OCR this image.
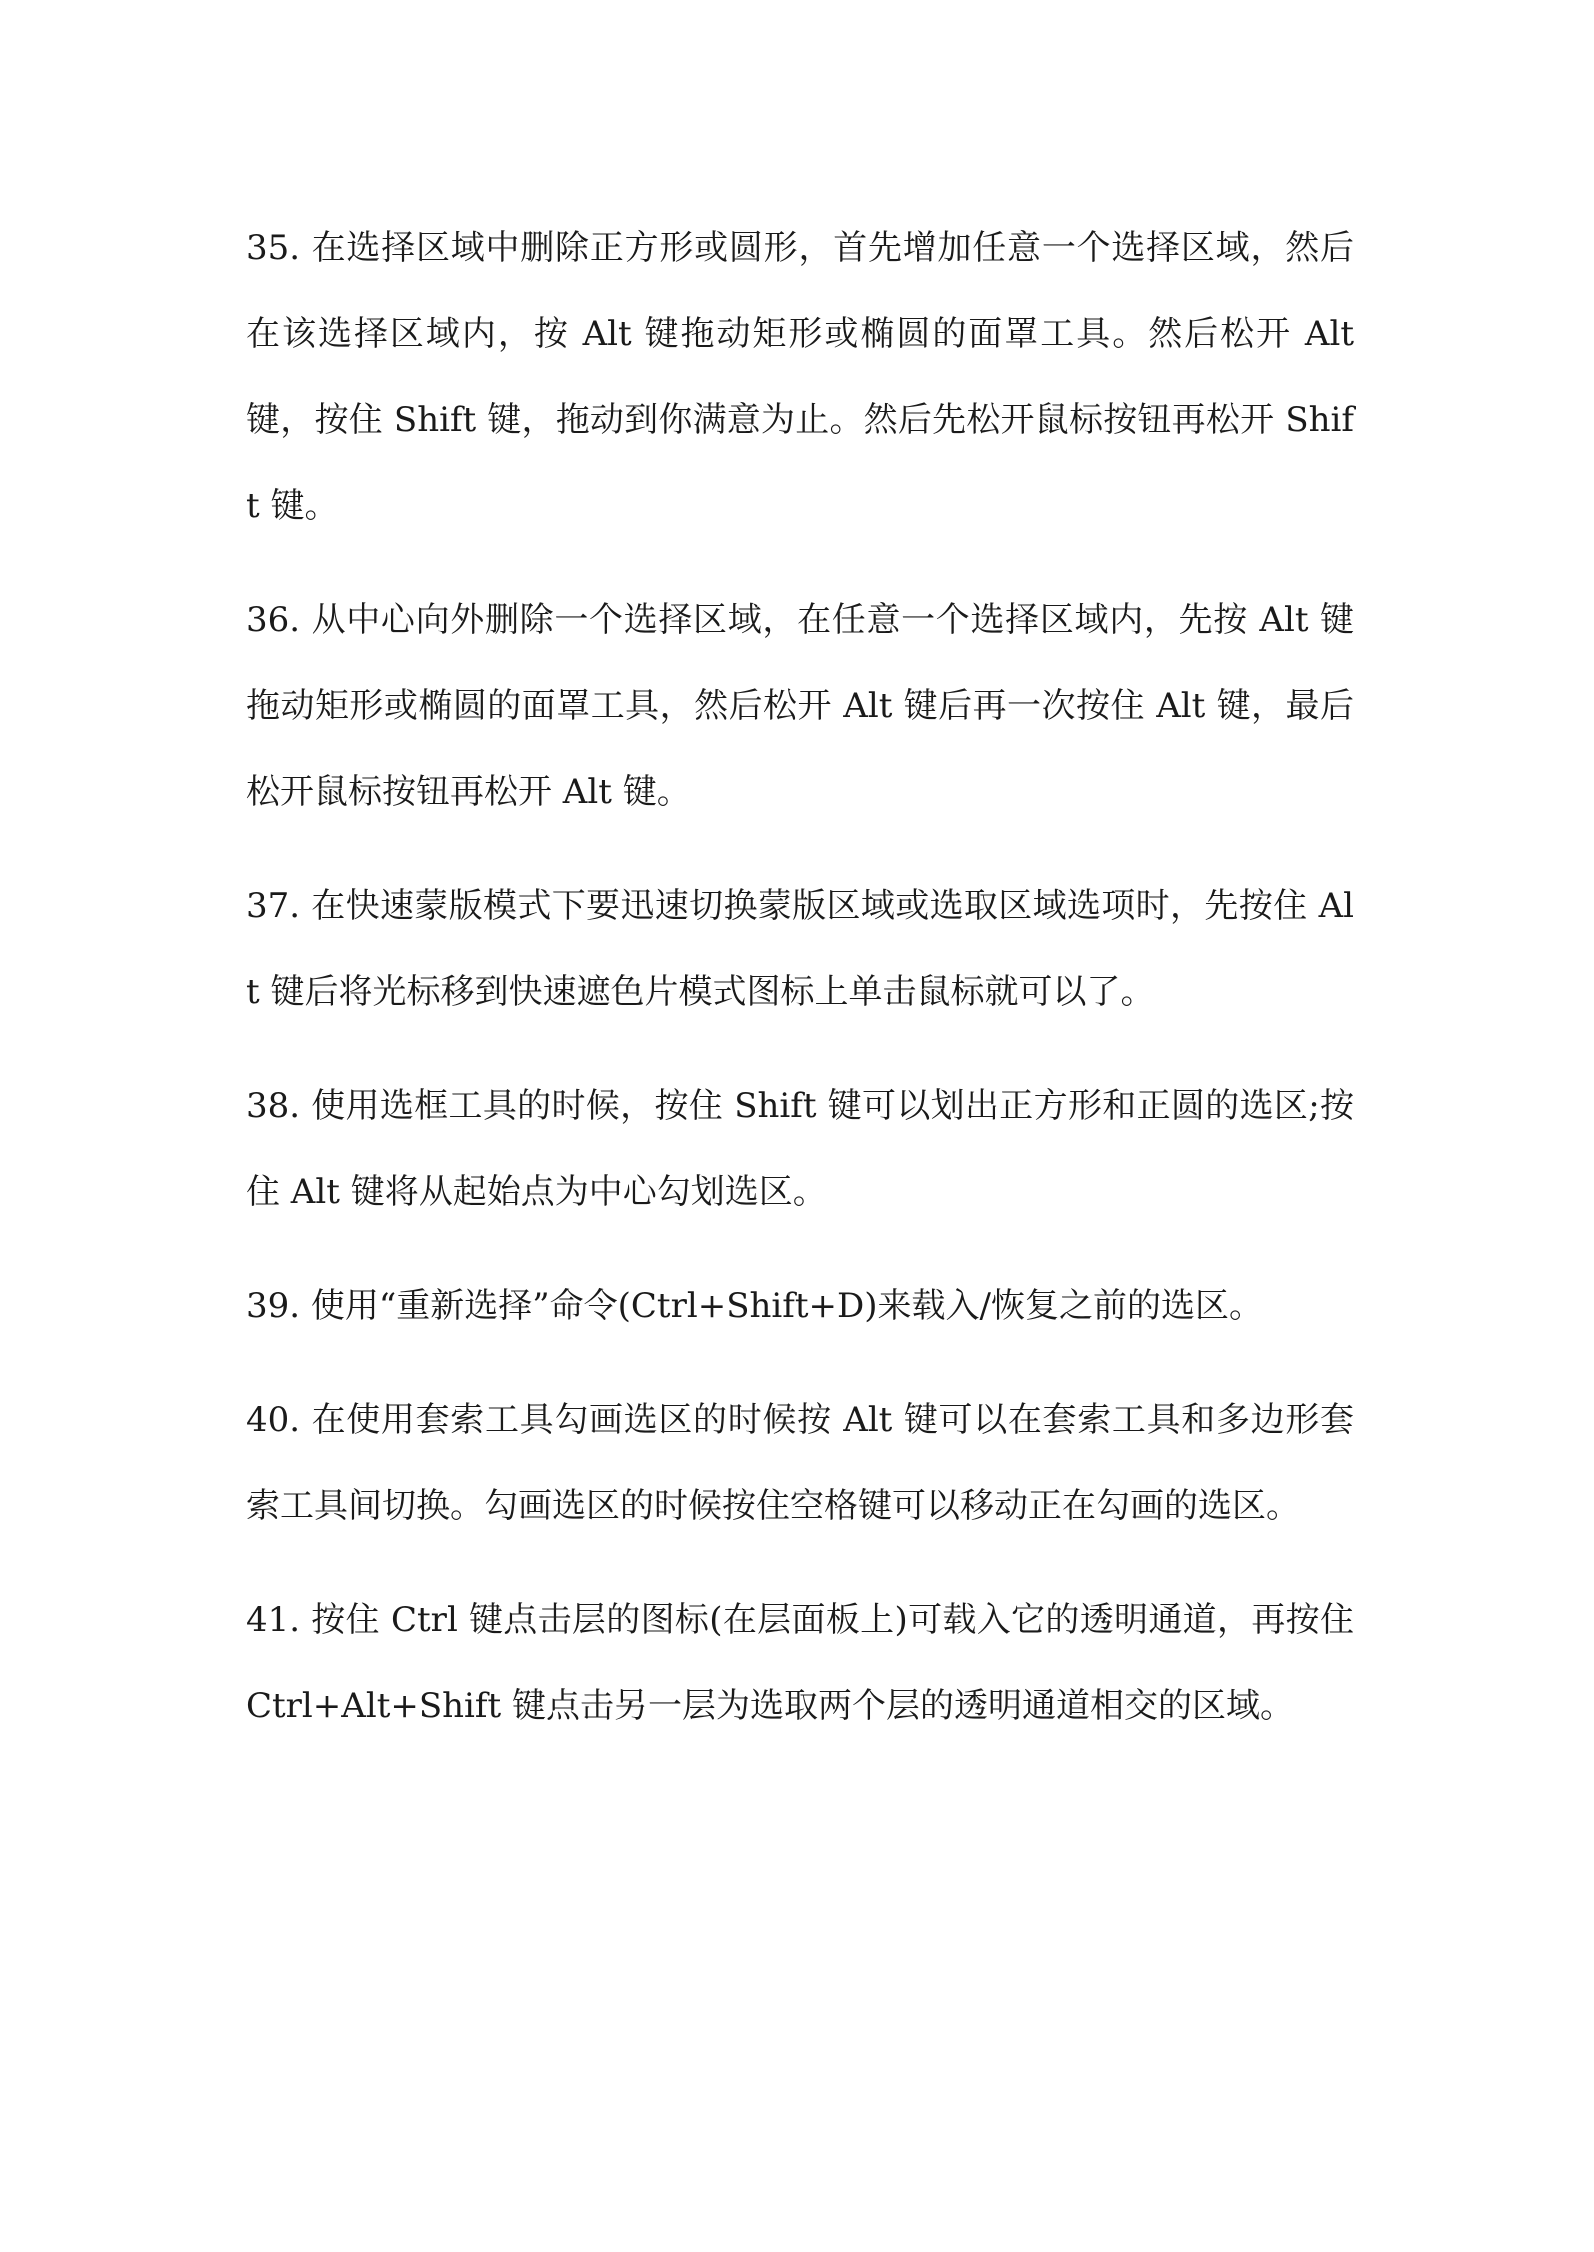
35. 在选择区域中删除正方形或圆形，首先增加任意一个选择区域，然后在该选择区域内，按 Alt 键拖动矩形或椭圆的面罩工具。然后松开 Alt 键，按住 Shift 键，拖动到你满意为止。然后先松开鼠标按钮再松开 Shift 键。

36. 从中心向外删除一个选择区域，在任意一个选择区域内，先按 Alt 键拖动矩形或椭圆的面罩工具，然后松开 Alt 键后再一次按住 Alt 键，最后松开鼠标按钮再松开 Alt 键。

37. 在快速蒙版模式下要迅速切换蒙版区域或选取区域选项时，先按住 Alt 键后将光标移到快速遮色片模式图标上单击鼠标就可以了。

38. 使用选框工具的时候，按住 Shift 键可以划出正方形和正圆的选区;按住 Alt 键将从起始点为中心勾划选区。

39. 使用“重新选择”命令(Ctrl+Shift+D)来载入/恢复之前的选区。

40. 在使用套索工具勾画选区的时候按 Alt 键可以在套索工具和多边形套索工具间切换。勾画选区的时候按住空格键可以移动正在勾画的选区。

41. 按住 Ctrl 键点击层的图标(在层面板上)可载入它的透明通道，再按住 Ctrl+Alt+Shift 键点击另一层为选取两个层的透明通道相交的区域。
